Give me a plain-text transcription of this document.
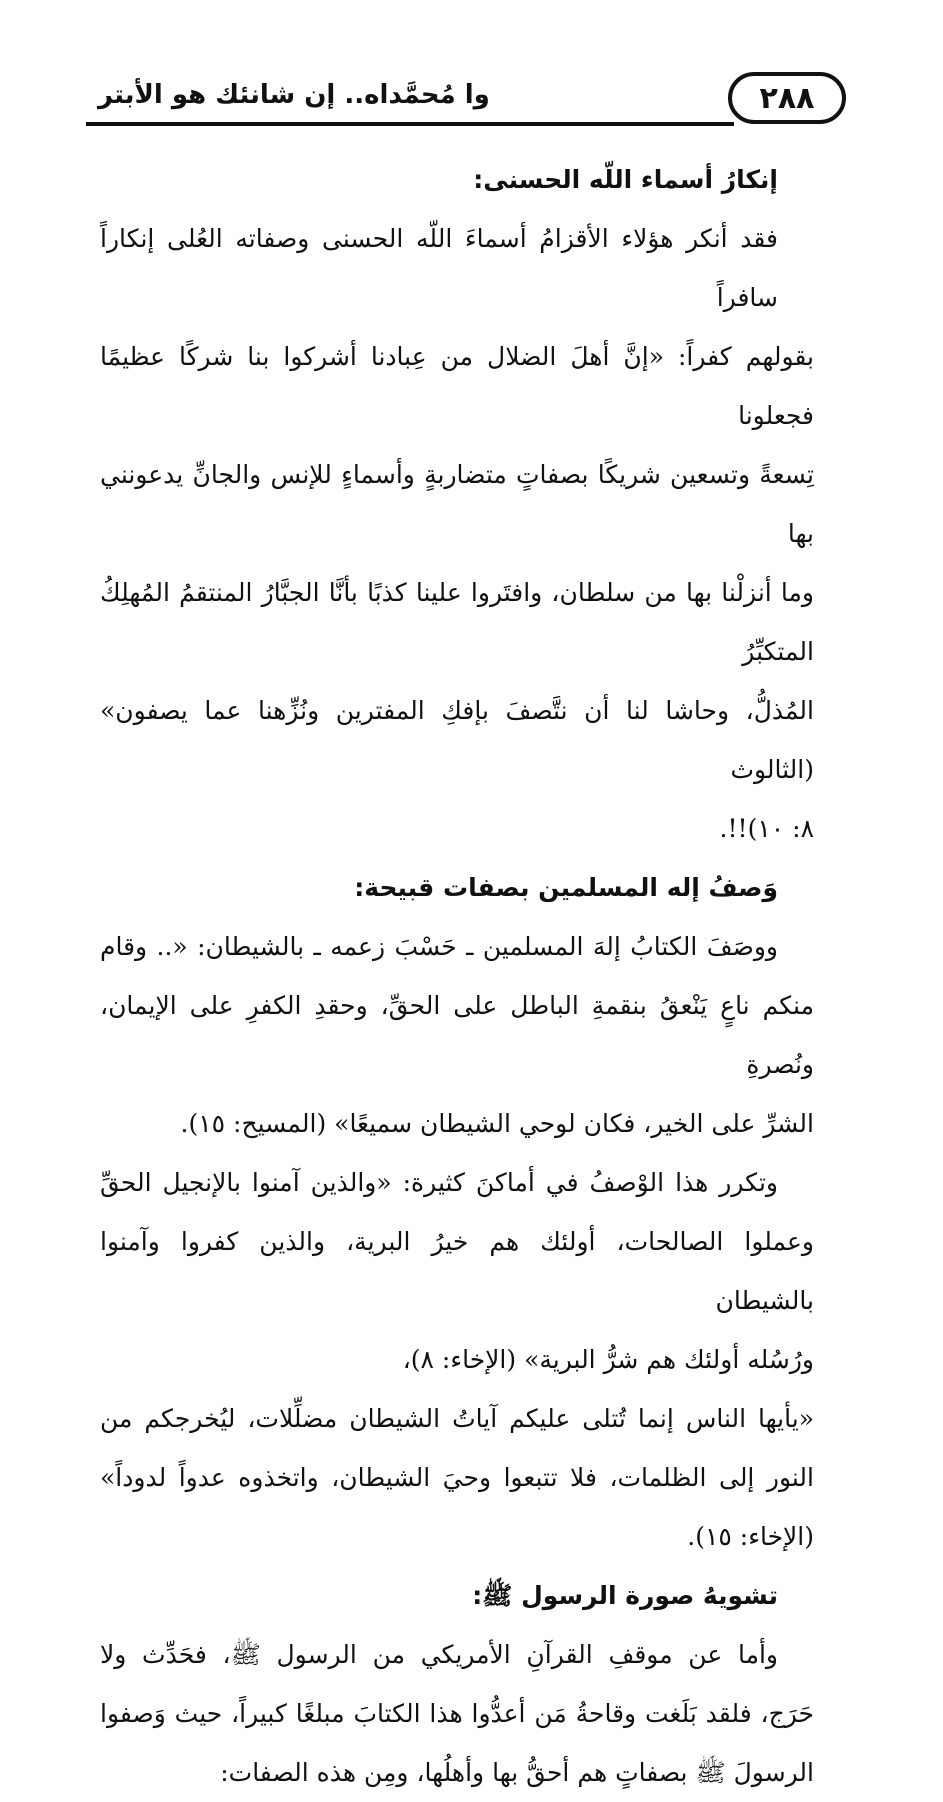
٢٨٨
وا مُحمَّداه.. إن شانئك هو الأبتر

إنكارُ أسماء اللّه الحسنى:

فقد أنكر هؤلاء الأقزامُ أسماءَ اللّه الحسنى وصفاته العُلى إنكاراً سافراً

بقولهم كفراً: «إنَّ أهلَ الضلال من عِبادنا أشركوا بنا شركًا عظيمًا فجعلونا

تِسعةً وتسعين شريكًا بصفاتٍ متضاربةٍ وأسماءٍ للإنس والجانِّ يدعونني بها

وما أنزلْنا بها من سلطان، وافتَروا علينا كذبًا بأنَّا الجبَّارُ المنتقمُ المُهلِكُ المتكبِّرُ

المُذلُّ، وحاشا لنا أن نتَّصفَ بإفكِ المفترين ونُزِّهنا عما يصفون» (الثالوث

٨: ١٠)!!.

وَصفُ إله المسلمين بصفات قبيحة:

ووصَفَ الكتابُ إلهَ المسلمين ـ حَسْبَ زعمه ـ بالشيطان: «.. وقام

منكم ناعٍ يَنْعقُ بنقمةِ الباطل على الحقِّ، وحقدِ الكفرِ على الإيمان، ونُصرةِ

الشرِّ على الخير، فكان لوحي الشيطان سميعًا» (المسيح: ١٥).

وتكرر هذا الوْصفُ في أماكنَ كثيرة: «والذين آمنوا بالإنجيل الحقِّ

وعملوا الصالحات، أولئك هم خيرُ البرية، والذين كفروا وآمنوا بالشيطان

ورُسُله أولئك هم شرُّ البرية» (الإخاء: ٨)،

«يأيها الناس إنما تُتلى عليكم آياتُ الشيطان مضلِّلات، ليُخرجكم من

النور إلى الظلمات، فلا تتبعوا وحيَ الشيطان، واتخذوه عدواً لدوداً»

(الإخاء: ١٥).

تشويهُ صورة الرسول ﷺ:

وأما عن موقفِ القرآنِ الأمريكي من الرسول ﷺ، فحَدِّث ولا

حَرَج، فلقد بَلَغت وقاحةُ مَن أعدُّوا هذا الكتابَ مبلغًا كبيراً، حيث وَصفوا

الرسولَ ﷺ بصفاتٍ هم أحقُّ بها وأهلُها، ومِن هذه الصفات:
